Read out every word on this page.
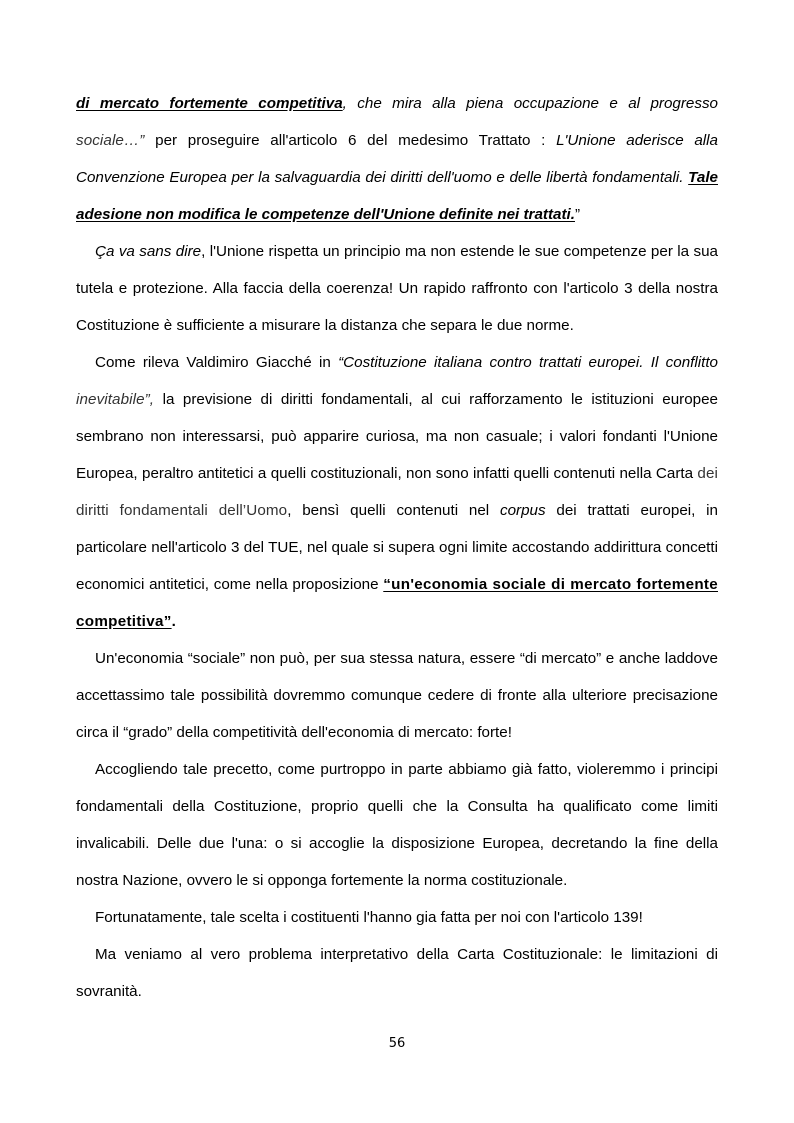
di mercato fortemente competitiva, che mira alla piena occupazione e al progresso sociale…” per proseguire all'articolo 6 del medesimo Trattato : L'Unione aderisce alla Convenzione Europea per la salvaguardia dei diritti dell'uomo e delle libertà fondamentali. Tale adesione non modifica le competenze dell'Unione definite nei trattati.”

Ça va sans dire, l'Unione rispetta un principio ma non estende le sue competenze per la sua tutela e protezione. Alla faccia della coerenza! Un rapido raffronto con l'articolo 3 della nostra Costituzione è sufficiente a misurare la distanza che separa le due norme.

Come rileva Valdimiro Giacché in “Costituzione italiana contro trattati europei. Il conflitto inevitabile”, la previsione di diritti fondamentali, al cui rafforzamento le istituzioni europee sembrano non interessarsi, può apparire curiosa, ma non casuale; i valori fondanti l'Unione Europea, peraltro antitetici a quelli costituzionali, non sono infatti quelli contenuti nella Carta dei diritti fondamentali dell’Uomo, bensì quelli contenuti nel corpus dei trattati europei, in particolare nell'articolo 3 del TUE, nel quale si supera ogni limite accostando addirittura concetti economici antitetici, come nella proposizione “un'economia sociale di mercato fortemente competitiva”.

Un'economia “sociale” non può, per sua stessa natura, essere “di mercato” e anche laddove accettassimo tale possibilità dovremmo comunque cedere di fronte alla ulteriore precisazione circa il “grado” della competitività dell'economia di mercato: forte!

Accogliendo tale precetto, come purtroppo in parte abbiamo già fatto, violeremmo i principi fondamentali della Costituzione, proprio quelli che la Consulta ha qualificato come limiti invalicabili. Delle due l'una: o si accoglie la disposizione Europea, decretando la fine della nostra Nazione, ovvero le si opponga fortemente la norma costituzionale.

Fortunatamente, tale scelta i costituenti l'hanno gia fatta per noi con l'articolo 139!

Ma veniamo al vero problema interpretativo della Carta Costituzionale: le limitazioni di sovranità.

56
